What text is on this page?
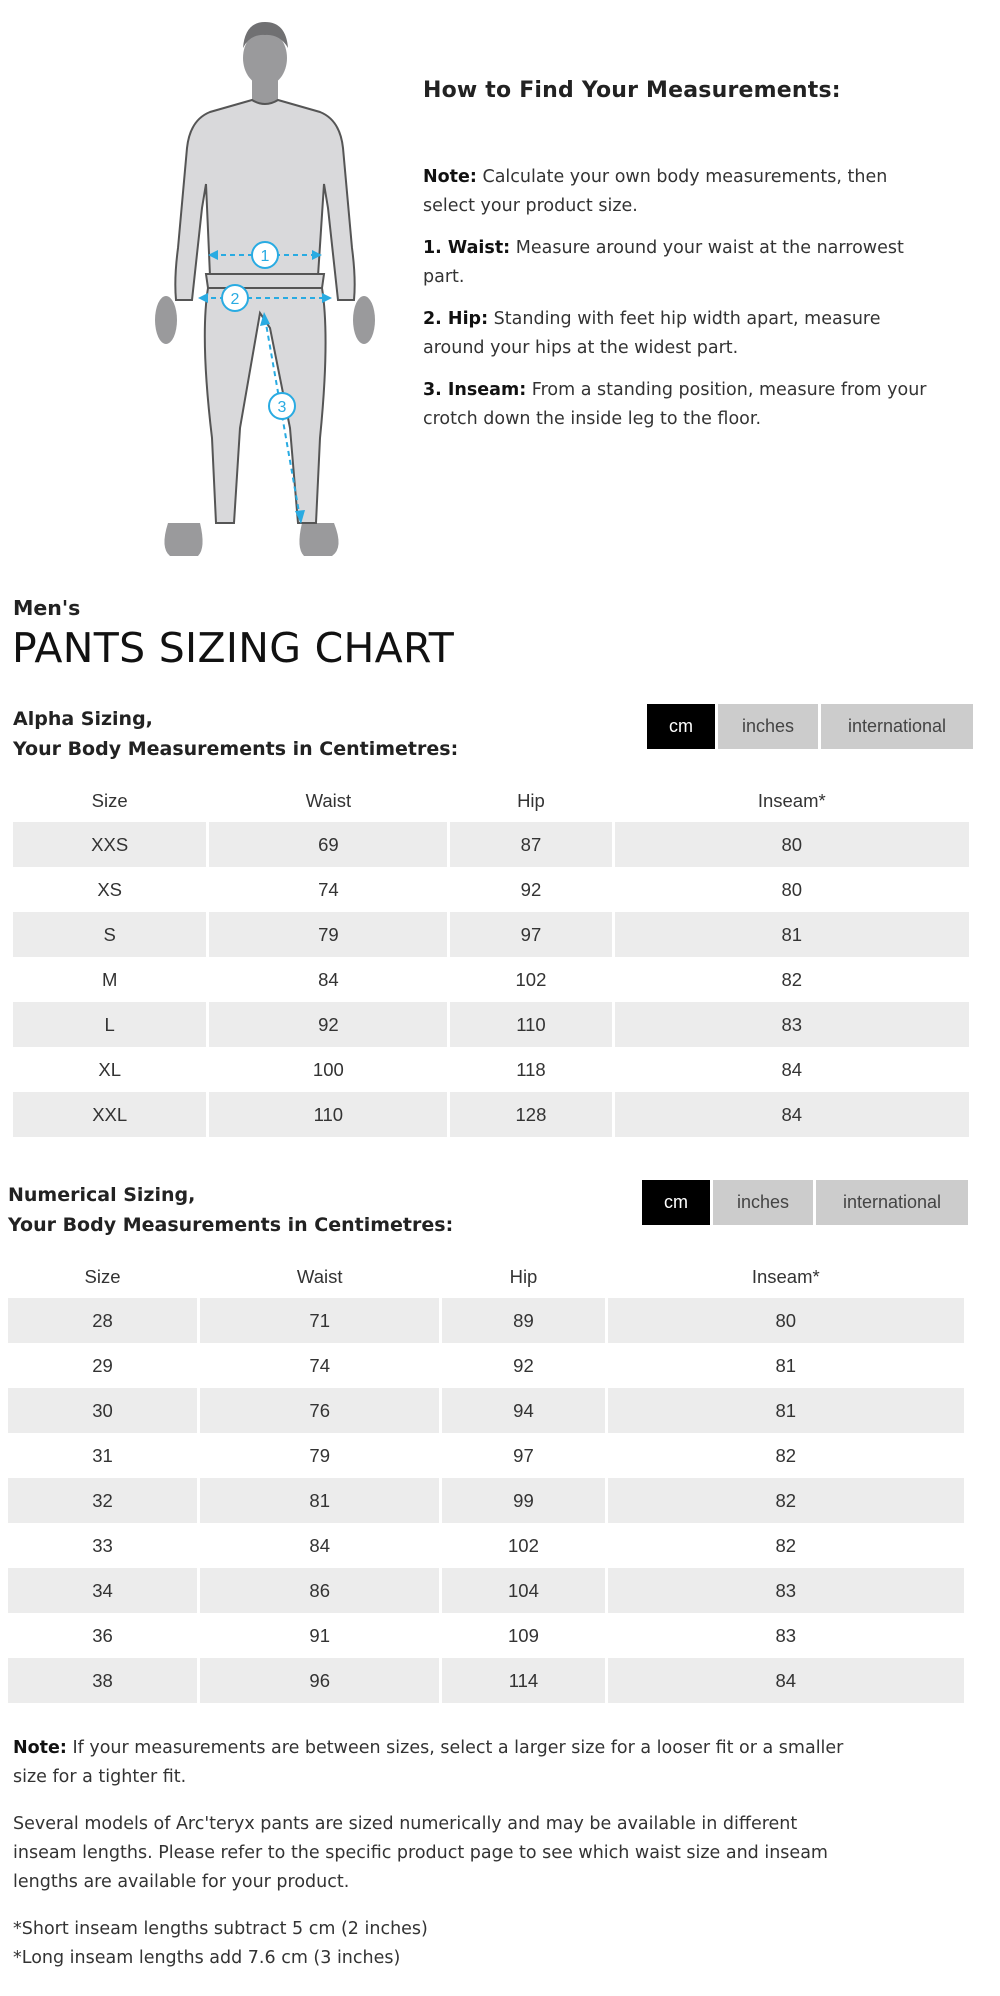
1
2
3
How to Find Your Measurements:

Note: Calculate your own body measurements, then select your product size.

1. Waist: Measure around your waist at the narrowest part.

2. Hip: Standing with feet hip width apart, measure around your hips at the widest part.

3. Inseam: From a standing position, measure from your crotch down the inside leg to the floor.

Men's
PANTS SIZING CHART
Alpha Sizing,
Your Body Measurements in Centimetres:
cm	inches	international
Size	Waist	Hip	Inseam*
XXS	69	87	80
XS	74	92	80
S	79	97	81
M	84	102	82
L	92	110	83
XL	100	118	84
XXL	110	128	84
Numerical Sizing,
Your Body Measurements in Centimetres:
cm	inches	international
Size	Waist	Hip	Inseam*
28	71	89	80
29	74	92	81
30	76	94	81
31	79	97	82
32	81	99	82
33	84	102	82
34	86	104	83
36	91	109	83
38	96	114	84

Note: If your measurements are between sizes, select a larger size for a looser fit or a smaller size for a tighter fit.

Several models of Arc'teryx pants are sized numerically and may be available in different inseam lengths. Please refer to the specific product page to see which waist size and inseam lengths are available for your product.

*Short inseam lengths subtract 5 cm (2 inches)

*Long inseam lengths add 7.6 cm (3 inches)
